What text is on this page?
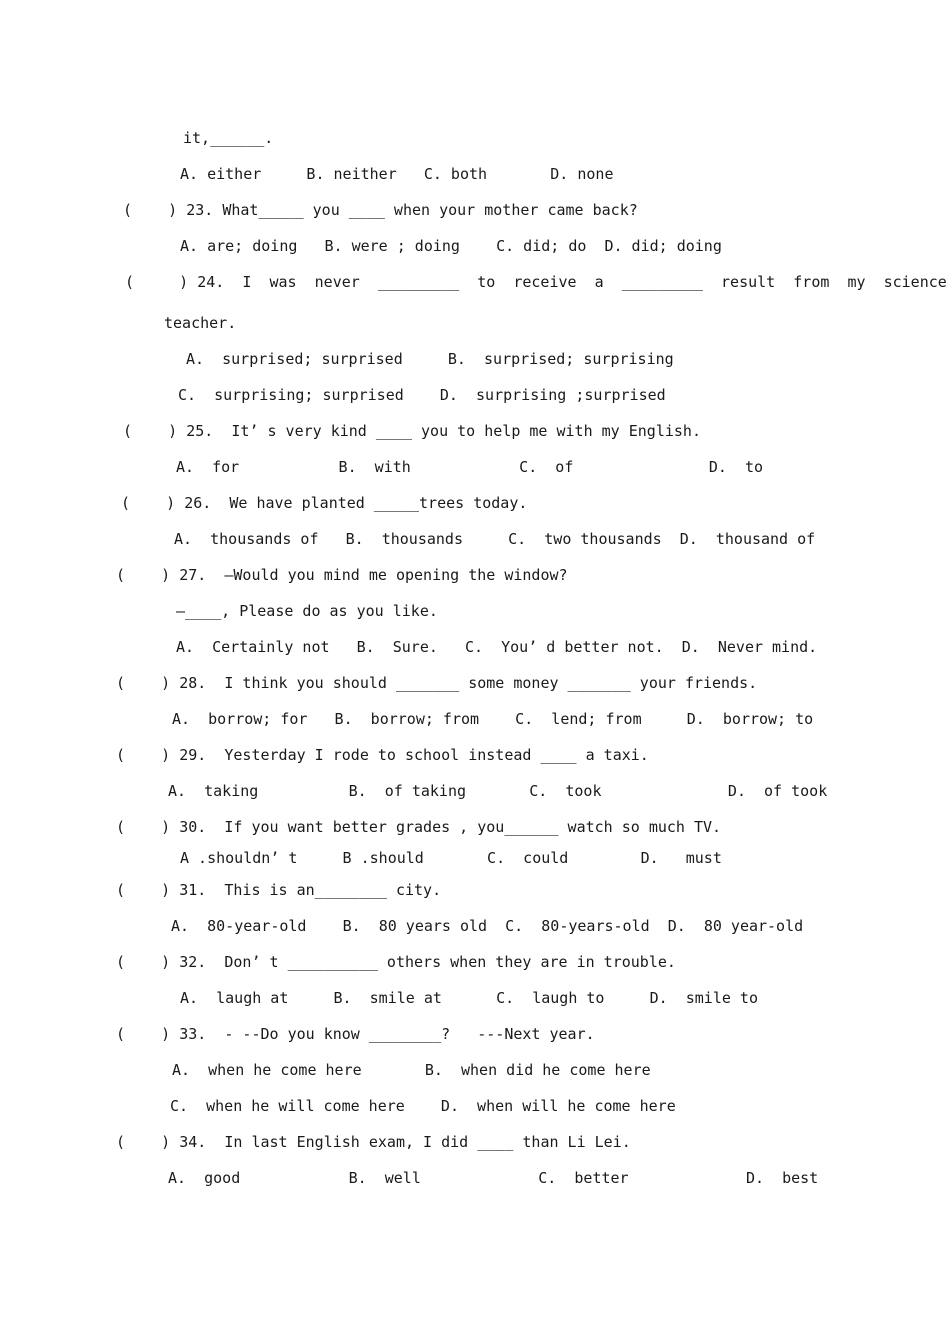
it,______.
A. either     B. neither   C. both       D. none
(    ) 23. What_____ you ____ when your mother came back?
A. are; doing   B. were ; doing    C. did; do  D. did; doing
(     ) 24.  I  was  never  _________  to  receive  a  _________  result  from  my  science
teacher.
A.  surprised; surprised     B.  surprised; surprising
C.  surprising; surprised    D.  surprising ;surprised
(    ) 25.  It’ s very kind ____ you to help me with my English.
A.  for           B.  with            C.  of               D.  to
(    ) 26.  We have planted _____trees today.
A.  thousands of   B.  thousands     C.  two thousands  D.  thousand of
(    ) 27.  —Would you mind me opening the window?
—____, Please do as you like.
A.  Certainly not   B.  Sure.   C.  You’ d better not.  D.  Never mind.
(    ) 28.  I think you should _______ some money _______ your friends.
A.  borrow; for   B.  borrow; from    C.  lend; from     D.  borrow; to
(    ) 29.  Yesterday I rode to school instead ____ a taxi.
A.  taking          B.  of taking       C.  took              D.  of took
(    ) 30.  If you want better grades , you______ watch so much TV.
A .shouldn’ t     B .should       C.  could        D.   must
(    ) 31.  This is an________ city.
A.  80-year-old    B.  80 years old  C.  80-years-old  D.  80 year-old
(    ) 32.  Don’ t __________ others when they are in trouble.
A.  laugh at     B.  smile at      C.  laugh to     D.  smile to
(    ) 33.  - --Do you know ________?   ---Next year.
A.  when he come here       B.  when did he come here
C.  when he will come here    D.  when will he come here
(    ) 34.  In last English exam, I did ____ than Li Lei.
A.  good            B.  well             C.  better             D.  best
